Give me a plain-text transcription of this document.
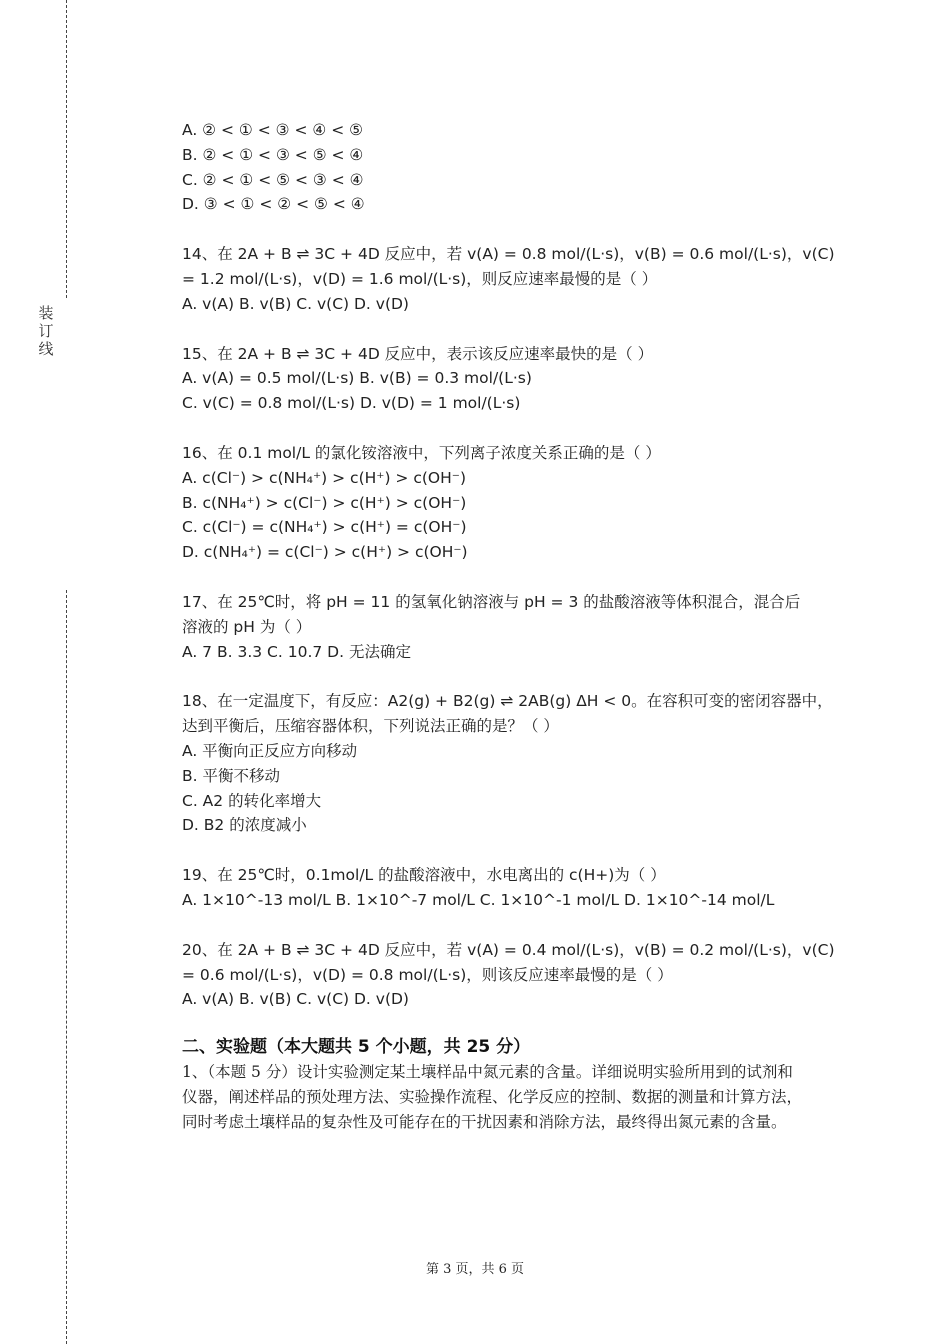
装
订
线
A. ② < ① < ③ < ④ < ⑤
B. ② < ① < ③ < ⑤ < ④
C. ② < ① < ⑤ < ③ < ④
D. ③ < ① < ② < ⑤ < ④
14、在 2A + B ⇌ 3C + 4D 反应中，若 v(A) = 0.8 mol/(L·s)，v(B) = 0.6 mol/(L·s)，v(C)
= 1.2 mol/(L·s)，v(D) = 1.6 mol/(L·s)，则反应速率最慢的是（ ）
A. v(A) B. v(B) C. v(C) D. v(D)
15、在 2A + B ⇌ 3C + 4D 反应中，表示该反应速率最快的是（ ）
A. v(A) = 0.5 mol/(L·s) B. v(B) = 0.3 mol/(L·s)
C. v(C) = 0.8 mol/(L·s) D. v(D) = 1 mol/(L·s)
16、在 0.1 mol/L 的氯化铵溶液中，下列离子浓度关系正确的是（ ）
A. c(Cl⁻) > c(NH₄⁺) > c(H⁺) > c(OH⁻)
B. c(NH₄⁺) > c(Cl⁻) > c(H⁺) > c(OH⁻)
C. c(Cl⁻) = c(NH₄⁺) > c(H⁺) = c(OH⁻)
D. c(NH₄⁺) = c(Cl⁻) > c(H⁺) > c(OH⁻)
17、在 25℃时，将 pH = 11 的氢氧化钠溶液与 pH = 3 的盐酸溶液等体积混合，混合后
溶液的 pH 为（ ）
A. 7 B. 3.3 C. 10.7 D. 无法确定
18、在一定温度下，有反应：A2(g) + B2(g) ⇌ 2AB(g) ΔH < 0。在容积可变的密闭容器中，
达到平衡后，压缩容器体积，下列说法正确的是？（ ）
A. 平衡向正反应方向移动
B. 平衡不移动
C. A2 的转化率增大
D. B2 的浓度减小
19、在 25℃时，0.1mol/L 的盐酸溶液中，水电离出的 c(H+)为（ ）
A. 1×10^-13 mol/L B. 1×10^-7 mol/L C. 1×10^-1 mol/L D. 1×10^-14 mol/L
20、在 2A + B ⇌ 3C + 4D 反应中，若 v(A) = 0.4 mol/(L·s)，v(B) = 0.2 mol/(L·s)，v(C)
= 0.6 mol/(L·s)，v(D) = 0.8 mol/(L·s)，则该反应速率最慢的是（ ）
A. v(A) B. v(B) C. v(C) D. v(D)
二、实验题（本大题共 5 个小题，共 25 分）
1、（本题 5 分）设计实验测定某土壤样品中氮元素的含量。详细说明实验所用到的试剂和
仪器，阐述样品的预处理方法、实验操作流程、化学反应的控制、数据的测量和计算方法，
同时考虑土壤样品的复杂性及可能存在的干扰因素和消除方法，最终得出氮元素的含量。
第 3 页，共 6 页
